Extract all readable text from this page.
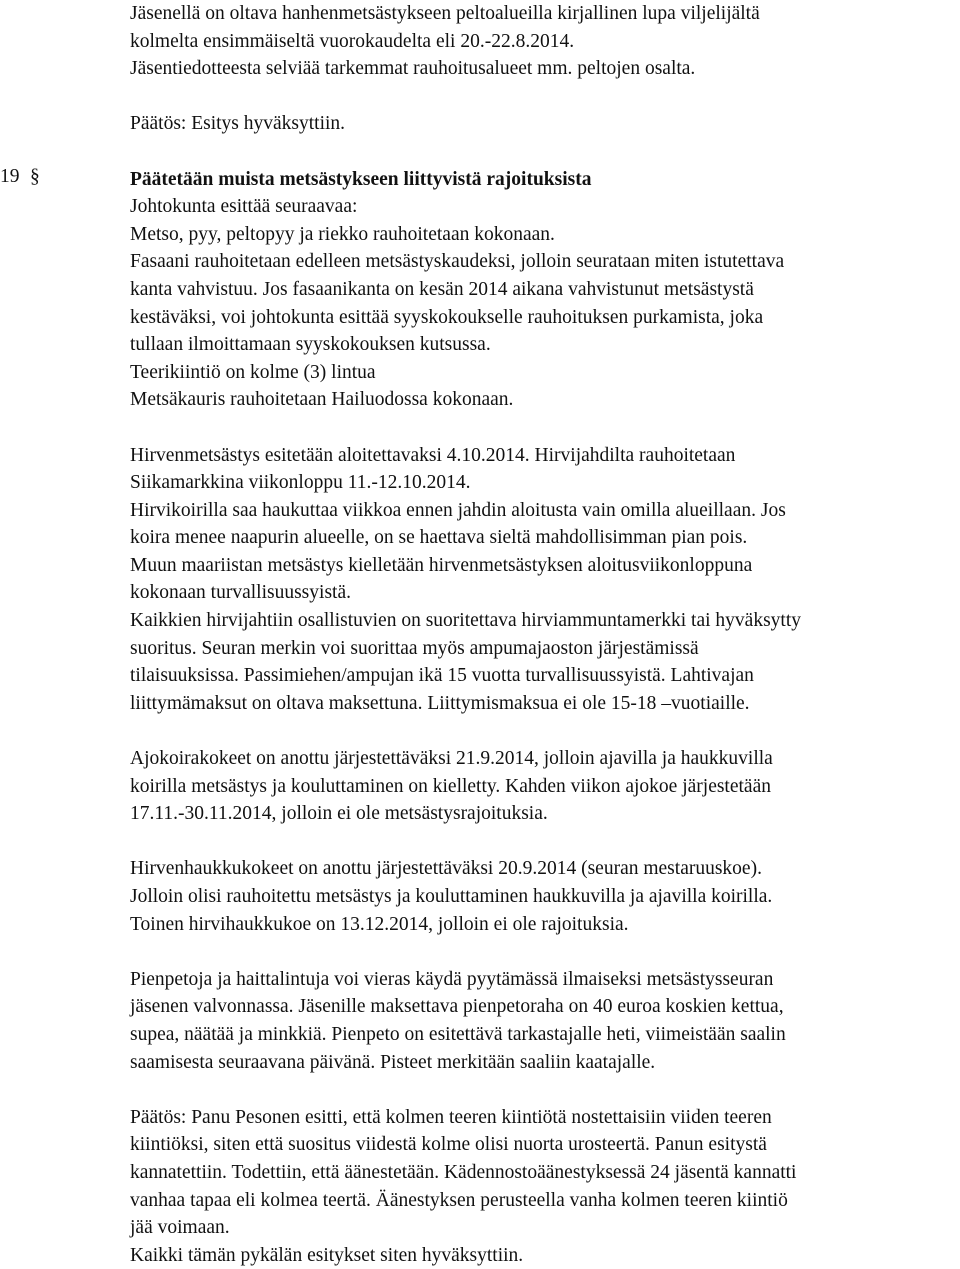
19 §

Jäsenellä on oltava hanhenmetsästykseen peltoalueilla kirjallinen lupa viljelijältä

kolmelta ensimmäiseltä vuorokaudelta eli 20.-22.8.2014.

Jäsentiedotteesta selviää tarkemmat rauhoitusalueet mm. peltojen osalta.

Päätös: Esitys hyväksyttiin.

Päätetään muista metsästykseen liittyvistä rajoituksista

Johtokunta esittää seuraavaa:

Metso, pyy, peltopyy ja riekko rauhoitetaan kokonaan.

Fasaani rauhoitetaan edelleen metsästyskaudeksi, jolloin seurataan miten istutettava

kanta vahvistuu. Jos fasaanikanta on kesän 2014 aikana vahvistunut metsästystä

kestäväksi, voi johtokunta esittää syyskokoukselle rauhoituksen purkamista, joka

tullaan ilmoittamaan syyskokouksen kutsussa.

Teerikiintiö on kolme (3) lintua

Metsäkauris rauhoitetaan Hailuodossa kokonaan.

Hirvenmetsästys esitetään aloitettavaksi 4.10.2014. Hirvijahdilta rauhoitetaan

Siikamarkkina viikonloppu 11.-12.10.2014.

Hirvikoirilla saa haukuttaa viikkoa ennen jahdin aloitusta vain omilla alueillaan. Jos

koira menee naapurin alueelle, on se haettava sieltä mahdollisimman pian pois.

Muun maariistan metsästys kielletään hirvenmetsästyksen aloitusviikonloppuna

kokonaan turvallisuussyistä.

Kaikkien hirvijahtiin osallistuvien on suoritettava hirviammuntamerkki tai hyväksytty

suoritus. Seuran merkin voi suorittaa myös ampumajaoston järjestämissä

tilaisuuksissa. Passimiehen/ampujan ikä 15 vuotta turvallisuussyistä. Lahtivajan

liittymämaksut on oltava maksettuna. Liittymismaksua ei ole 15-18 –vuotiaille.

Ajokoirakokeet on anottu järjestettäväksi 21.9.2014, jolloin ajavilla ja haukkuvilla

koirilla metsästys ja kouluttaminen on kielletty. Kahden viikon ajokoe järjestetään

17.11.-30.11.2014, jolloin ei ole metsästysrajoituksia.

Hirvenhaukkukokeet on anottu järjestettäväksi 20.9.2014 (seuran mestaruuskoe).

Jolloin olisi rauhoitettu metsästys ja kouluttaminen haukkuvilla ja ajavilla koirilla.

Toinen hirvihaukkukoe on 13.12.2014, jolloin ei ole rajoituksia.

Pienpetoja ja haittalintuja voi vieras käydä pyytämässä ilmaiseksi metsästysseuran

jäsenen valvonnassa. Jäsenille maksettava pienpetoraha on 40 euroa koskien kettua,

supea, näätää ja minkkiä. Pienpeto on esitettävä tarkastajalle heti, viimeistään saalin

saamisesta seuraavana päivänä. Pisteet merkitään saaliin kaatajalle.

Päätös: Panu Pesonen esitti, että kolmen teeren kiintiötä nostettaisiin viiden teeren

kiintiöksi, siten että suositus viidestä kolme olisi nuorta urosteertä. Panun esitystä

kannatettiin. Todettiin, että äänestetään. Kädennostoäänestyksessä 24 jäsentä kannatti

vanhaa tapaa eli kolmea teertä. Äänestyksen perusteella vanha kolmen teeren kiintiö

jää voimaan.

Kaikki tämän pykälän esitykset siten hyväksyttiin.
